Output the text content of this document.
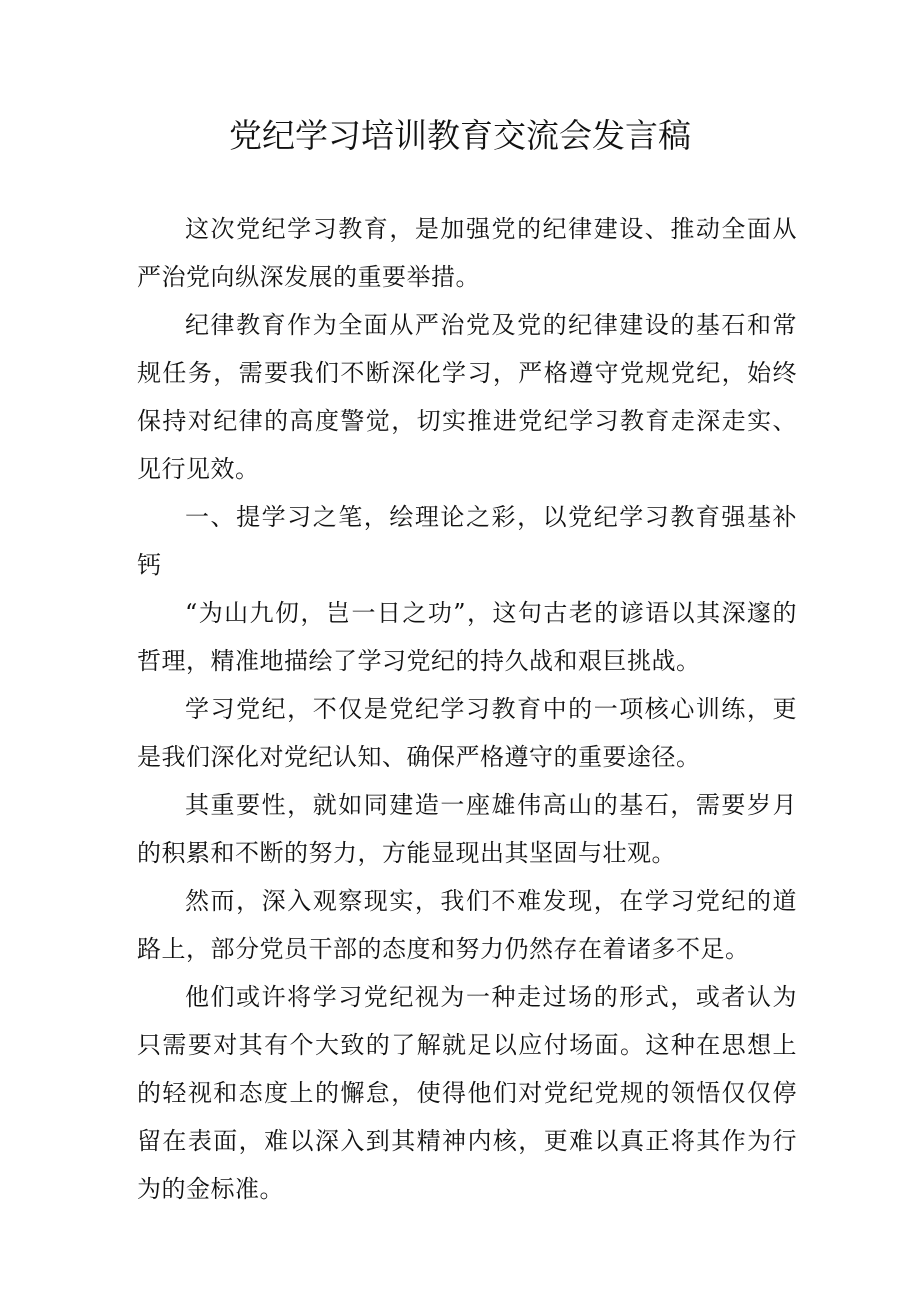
党纪学习培训教育交流会发言稿

这次党纪学习教育，是加强党的纪律建设、推动全面从严治党向纵深发展的重要举措。

纪律教育作为全面从严治党及党的纪律建设的基石和常规任务，需要我们不断深化学习，严格遵守党规党纪，始终保持对纪律的高度警觉，切实推进党纪学习教育走深走实、见行见效。

一、提学习之笔，绘理论之彩，以党纪学习教育强基补钙

“为山九仞，岂一日之功”，这句古老的谚语以其深邃的哲理，精准地描绘了学习党纪的持久战和艰巨挑战。

学习党纪，不仅是党纪学习教育中的一项核心训练，更是我们深化对党纪认知、确保严格遵守的重要途径。

其重要性，就如同建造一座雄伟高山的基石，需要岁月的积累和不断的努力，方能显现出其坚固与壮观。

然而，深入观察现实，我们不难发现，在学习党纪的道路上，部分党员干部的态度和努力仍然存在着诸多不足。

他们或许将学习党纪视为一种走过场的形式，或者认为只需要对其有个大致的了解就足以应付场面。这种在思想上的轻视和态度上的懈怠，使得他们对党纪党规的领悟仅仅停留在表面，难以深入到其精神内核，更难以真正将其作为行为的金标准。
